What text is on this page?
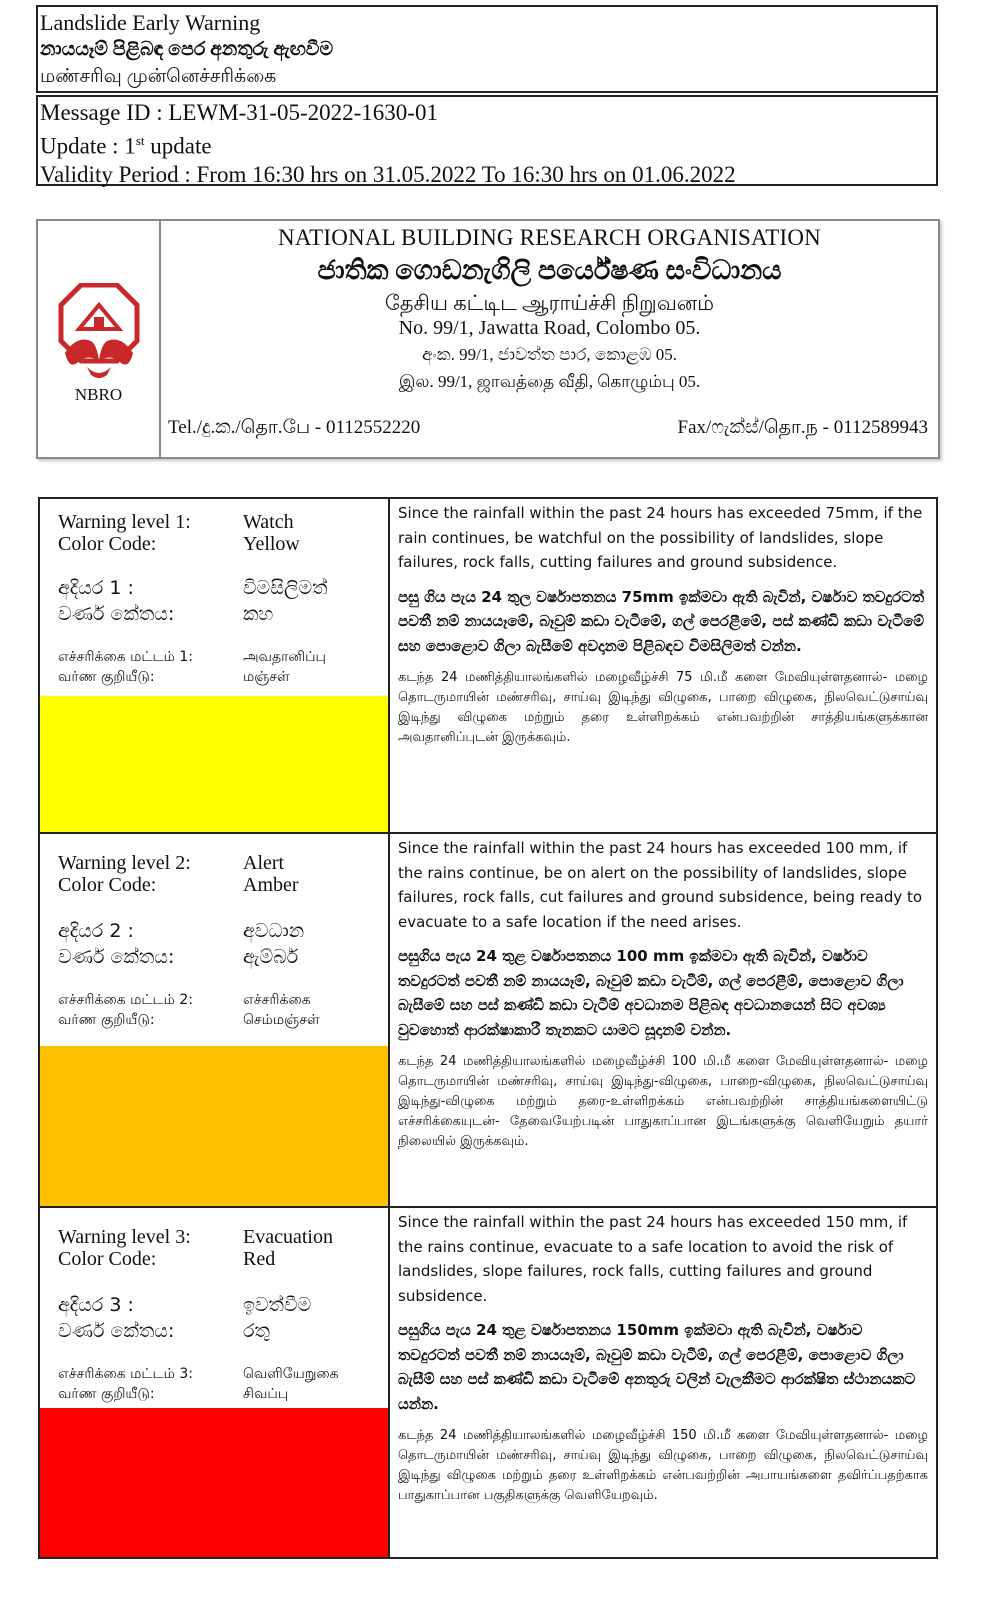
Landslide Early Warning
නායයෑම් පිළිබඳ පෙර අනතුරු ඇඟවීම
மண்சரிவு முன்னெச்சரிக்கை
Message ID : LEWM-31-05-2022-1630-01
Update : 1st update
Validity Period : From 16:30 hrs on 31.05.2022 To 16:30 hrs on 01.06.2022
NBRO
NATIONAL BUILDING RESEARCH ORGANISATION
ජාතික ගොඩනැගිලි පර්යේෂණ සංවිධානය
தேசிய கட்டிட ஆராய்ச்சி நிறுவனம்
No. 99/1, Jawatta Road, Colombo 05.
අංක. 99/1, ජාවත්ත පාර, කොළඹ 05.
இல. 99/1, ஜாவத்தை வீதி, கொழும்பு 05.
Tel./දු.ක./தொ.பே - 0112552220	Fax/ෆැක්ස්/தொ.ந - 0112589943
Warning level 1:
Color Code:
Watch
Yellow
අදියර 1 :
වර්ණ කේතය:
විමසිලිමත්
කහ
எச்சரிக்கை மட்டம் 1:
வர்ண குறியீடு:
அவதானிப்பு
மஞ்சள்

Since the rainfall within the past 24 hours has exceeded 75mm, if the rain continues, be watchful on the possibility of landslides, slope failures, rock falls, cutting failures and ground subsidence.

පසු ගිය පැය 24 තුල වර්ෂාපතනය 75mm ඉක්මවා ඇති බැවින්, වර්ෂාව තවදුරටත් පවතී නම් නායයෑමේ, බෑවුම් කඩා වැටීමේ, ගල් පෙරළීමේ, පස් කණ්ඩි කඩා වැටීමේ සහ පොළොව ගිලා බැසීමේ අවදානම පිළිබඳව විමසිලිමත් වන්න.

கடந்த 24 மணித்தியாலங்களில் மழைவீழ்ச்சி 75 மி.மீ களை மேவியுள்ளதனால்- மழை தொடருமாயின் மண்சரிவு, சாய்வு இடிந்து விழுகை, பாறை விழுகை, நிலவெட்டுசாய்வு இடிந்து விழுகை மற்றும் தரை உள்ளிறக்கம் என்பவற்றின் சாத்தியங்களுக்கான அவதானிப்புடன் இருக்கவும்.

Warning level 2:
Color Code:
Alert
Amber
අදියර 2 :
වර්ණ කේතය:
අවධාන
ඇම්බර්
எச்சரிக்கை மட்டம் 2:
வர்ண குறியீடு:
எச்சரிக்கை
செம்மஞ்சள்

Since the rainfall within the past 24 hours has exceeded 100 mm, if the rains continue, be on alert on the possibility of landslides, slope failures, rock falls, cut failures and ground subsidence, being ready to evacuate to a safe location if the need arises.

පසුගිය පැය 24 තුළ වර්ෂාපතනය 100 mm ඉක්මවා ඇති බැවින්, වර්ෂාව තවදුරටත් පවතී නම් නායයෑම්, බෑවුම් කඩා වැටීම්, ගල් පෙරළීම්, පොළොව ගිලා බැසීමේ සහ පස් කණ්ඩි කඩා වැටීම් අවධානම පිළිබඳ අවධානයෙන් සිට අවශ්‍ය වුවහොත් ආරක්ෂාකාරී තැනකට යාමට සූදානම් වන්න.

கடந்த 24 மணித்தியாலங்களில் மழைவீழ்ச்சி 100 மி.மீ களை மேவியுள்ளதனால்- மழை தொடருமாயின் மண்சரிவு, சாய்வு இடிந்து-விழுகை, பாறை-விழுகை, நிலவெட்டுசாய்வு இடிந்து-விழுகை மற்றும் தரை-உள்ளிறக்கம் என்பவற்றின் சாத்தியங்களையிட்டு எச்சரிக்கையுடன்- தேவையேற்படின் பாதுகாப்பான இடங்களுக்கு வெளியேறும் தயார் நிலையில் இருக்கவும்.

Warning level 3:
Color Code:
Evacuation
Red
අදියර 3 :
වර්ණ කේතය:
ඉවත්වීම
රතු
எச்சரிக்கை மட்டம் 3:
வர்ண குறியீடு:
வெளியேறுகை
சிவப்பு

Since the rainfall within the past 24 hours has exceeded 150 mm, if the rains continue, evacuate to a safe location to avoid the risk of landslides, slope failures, rock falls, cutting failures and ground subsidence.

පසුගිය පැය 24 තුළ වර්ෂාපතනය 150mm ඉක්මවා ඇති බැවින්, වර්ෂාව තවදුරටත් පවතී නම් නායයෑම්, බෑවුම් කඩා වැටීම්, ගල් පෙරළීම්, පොළොව ගිලා බැසීම් සහ පස් කණ්ඩි කඩා වැටීමේ අනතුරු වලින් වැලකීමට ආරක්ෂිත ස්ථානයකට යන්න.

கடந்த 24 மணித்தியாலங்களில் மழைவீழ்ச்சி 150 மி.மீ களை மேவியுள்ளதனால்- மழை தொடருமாயின் மண்சரிவு, சாய்வு இடிந்து விழுகை, பாறை விழுகை, நிலவெட்டுசாய்வு இடிந்து விழுகை மற்றும் தரை உள்ளிறக்கம் என்பவற்றின் அபாயங்களை தவிர்ப்பதற்காக பாதுகாப்பான பகுதிகளுக்கு வெளியேறவும்.
